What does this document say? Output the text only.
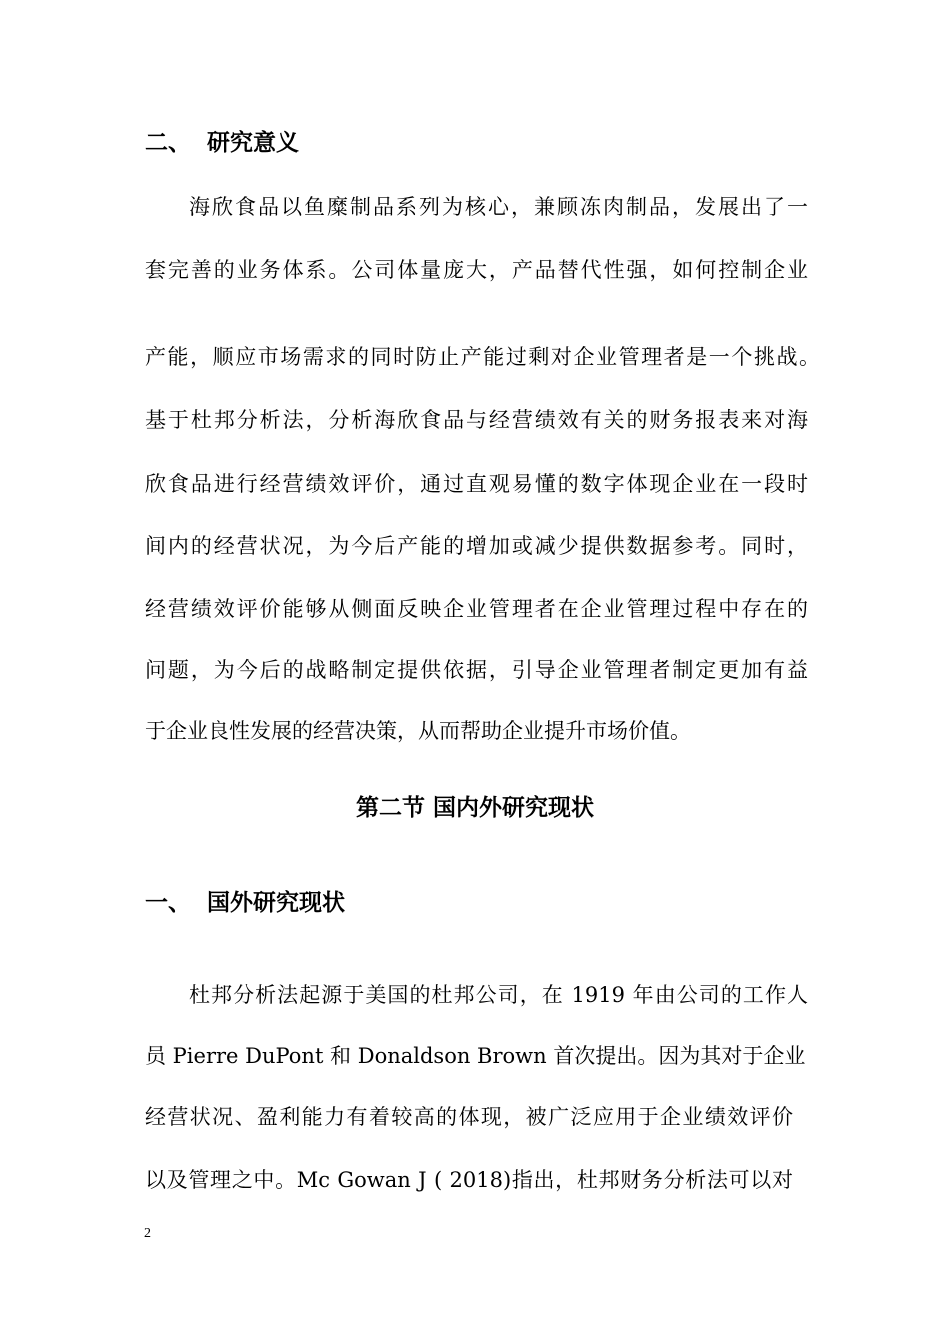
二、 研究意义
海欣食品以鱼糜制品系列为核心，兼顾冻肉制品，发展出了一
套完善的业务体系。公司体量庞大，产品替代性强，如何控制企业
产能，顺应市场需求的同时防止产能过剩对企业管理者是一个挑战。
基于杜邦分析法，分析海欣食品与经营绩效有关的财务报表来对海
欣食品进行经营绩效评价，通过直观易懂的数字体现企业在一段时
间内的经营状况，为今后产能的增加或减少提供数据参考。同时，
经营绩效评价能够从侧面反映企业管理者在企业管理过程中存在的
问题，为今后的战略制定提供依据，引导企业管理者制定更加有益
于企业良性发展的经营决策，从而帮助企业提升市场价值。
第二节 国内外研究现状
一、 国外研究现状
杜邦分析法起源于美国的杜邦公司，在 1919 年由公司的工作人
员 Pierre DuPont 和 Donaldson Brown 首次提出。因为其对于企业
经营状况、盈利能力有着较高的体现，被广泛应用于企业绩效评价
以及管理之中。Mc Gowan J ( 2018)指出，杜邦财务分析法可以对
2
